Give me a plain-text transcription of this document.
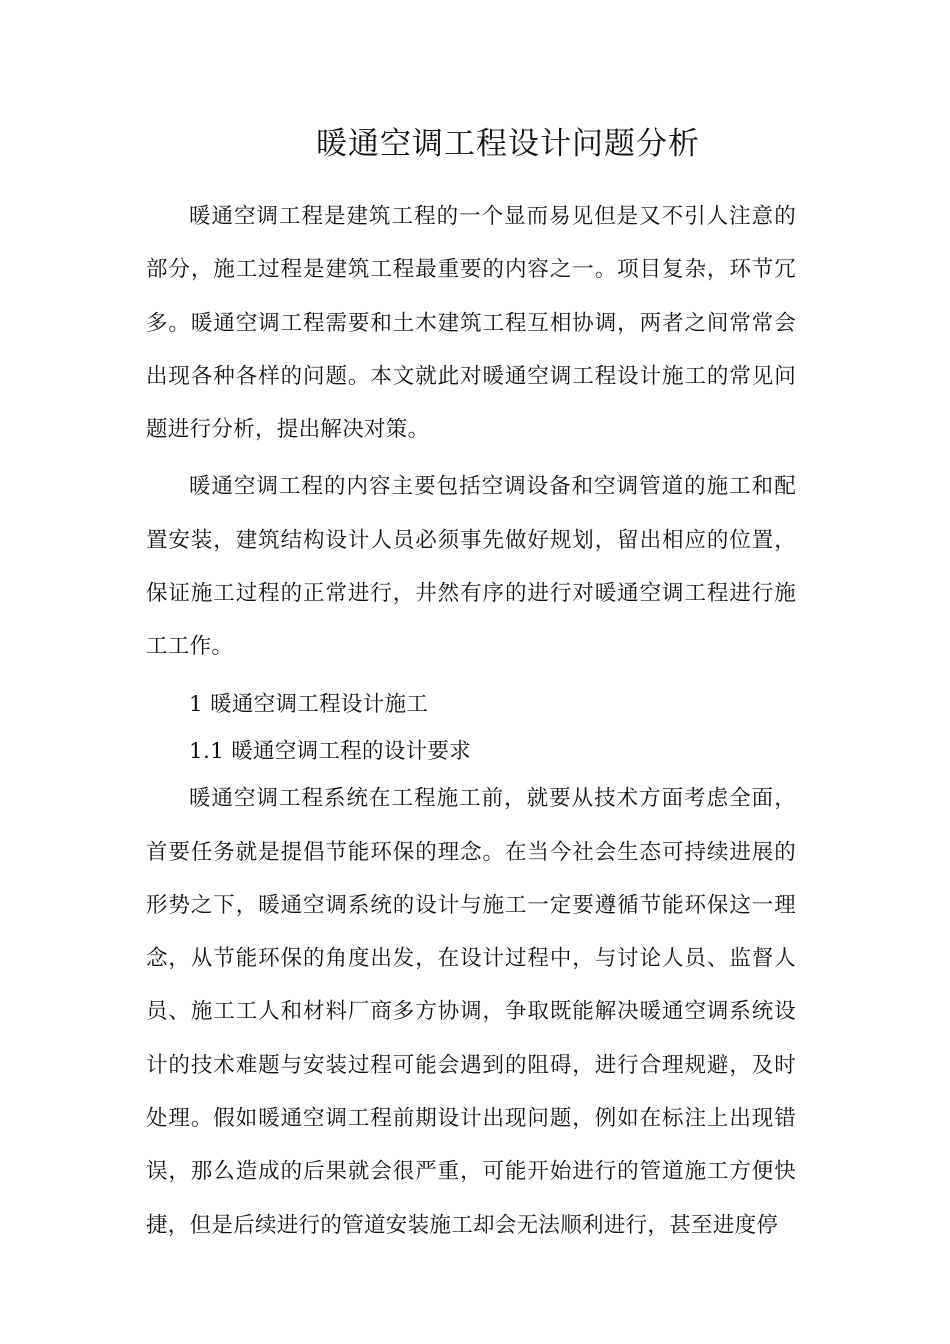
暖通空调工程设计问题分析

暖通空调工程是建筑工程的一个显而易见但是又不引人注意的部分，施工过程是建筑工程最重要的内容之一。项目复杂，环节冗多。暖通空调工程需要和土木建筑工程互相协调，两者之间常常会出现各种各样的问题。本文就此对暖通空调工程设计施工的常见问题进行分析，提出解决对策。

暖通空调工程的内容主要包括空调设备和空调管道的施工和配置安装，建筑结构设计人员必须事先做好规划，留出相应的位置，保证施工过程的正常进行，井然有序的进行对暖通空调工程进行施工工作。

1 暖通空调工程设计施工

1.1 暖通空调工程的设计要求

暖通空调工程系统在工程施工前，就要从技术方面考虑全面，首要任务就是提倡节能环保的理念。在当今社会生态可持续进展的形势之下，暖通空调系统的设计与施工一定要遵循节能环保这一理念，从节能环保的角度出发，在设计过程中，与讨论人员、监督人员、施工工人和材料厂商多方协调，争取既能解决暖通空调系统设计的技术难题与安装过程可能会遇到的阻碍，进行合理规避，及时处理。假如暖通空调工程前期设计出现问题，例如在标注上出现错误，那么造成的后果就会很严重，可能开始进行的管道施工方便快捷，但是后续进行的管道安装施工却会无法顺利进行，甚至进度停
